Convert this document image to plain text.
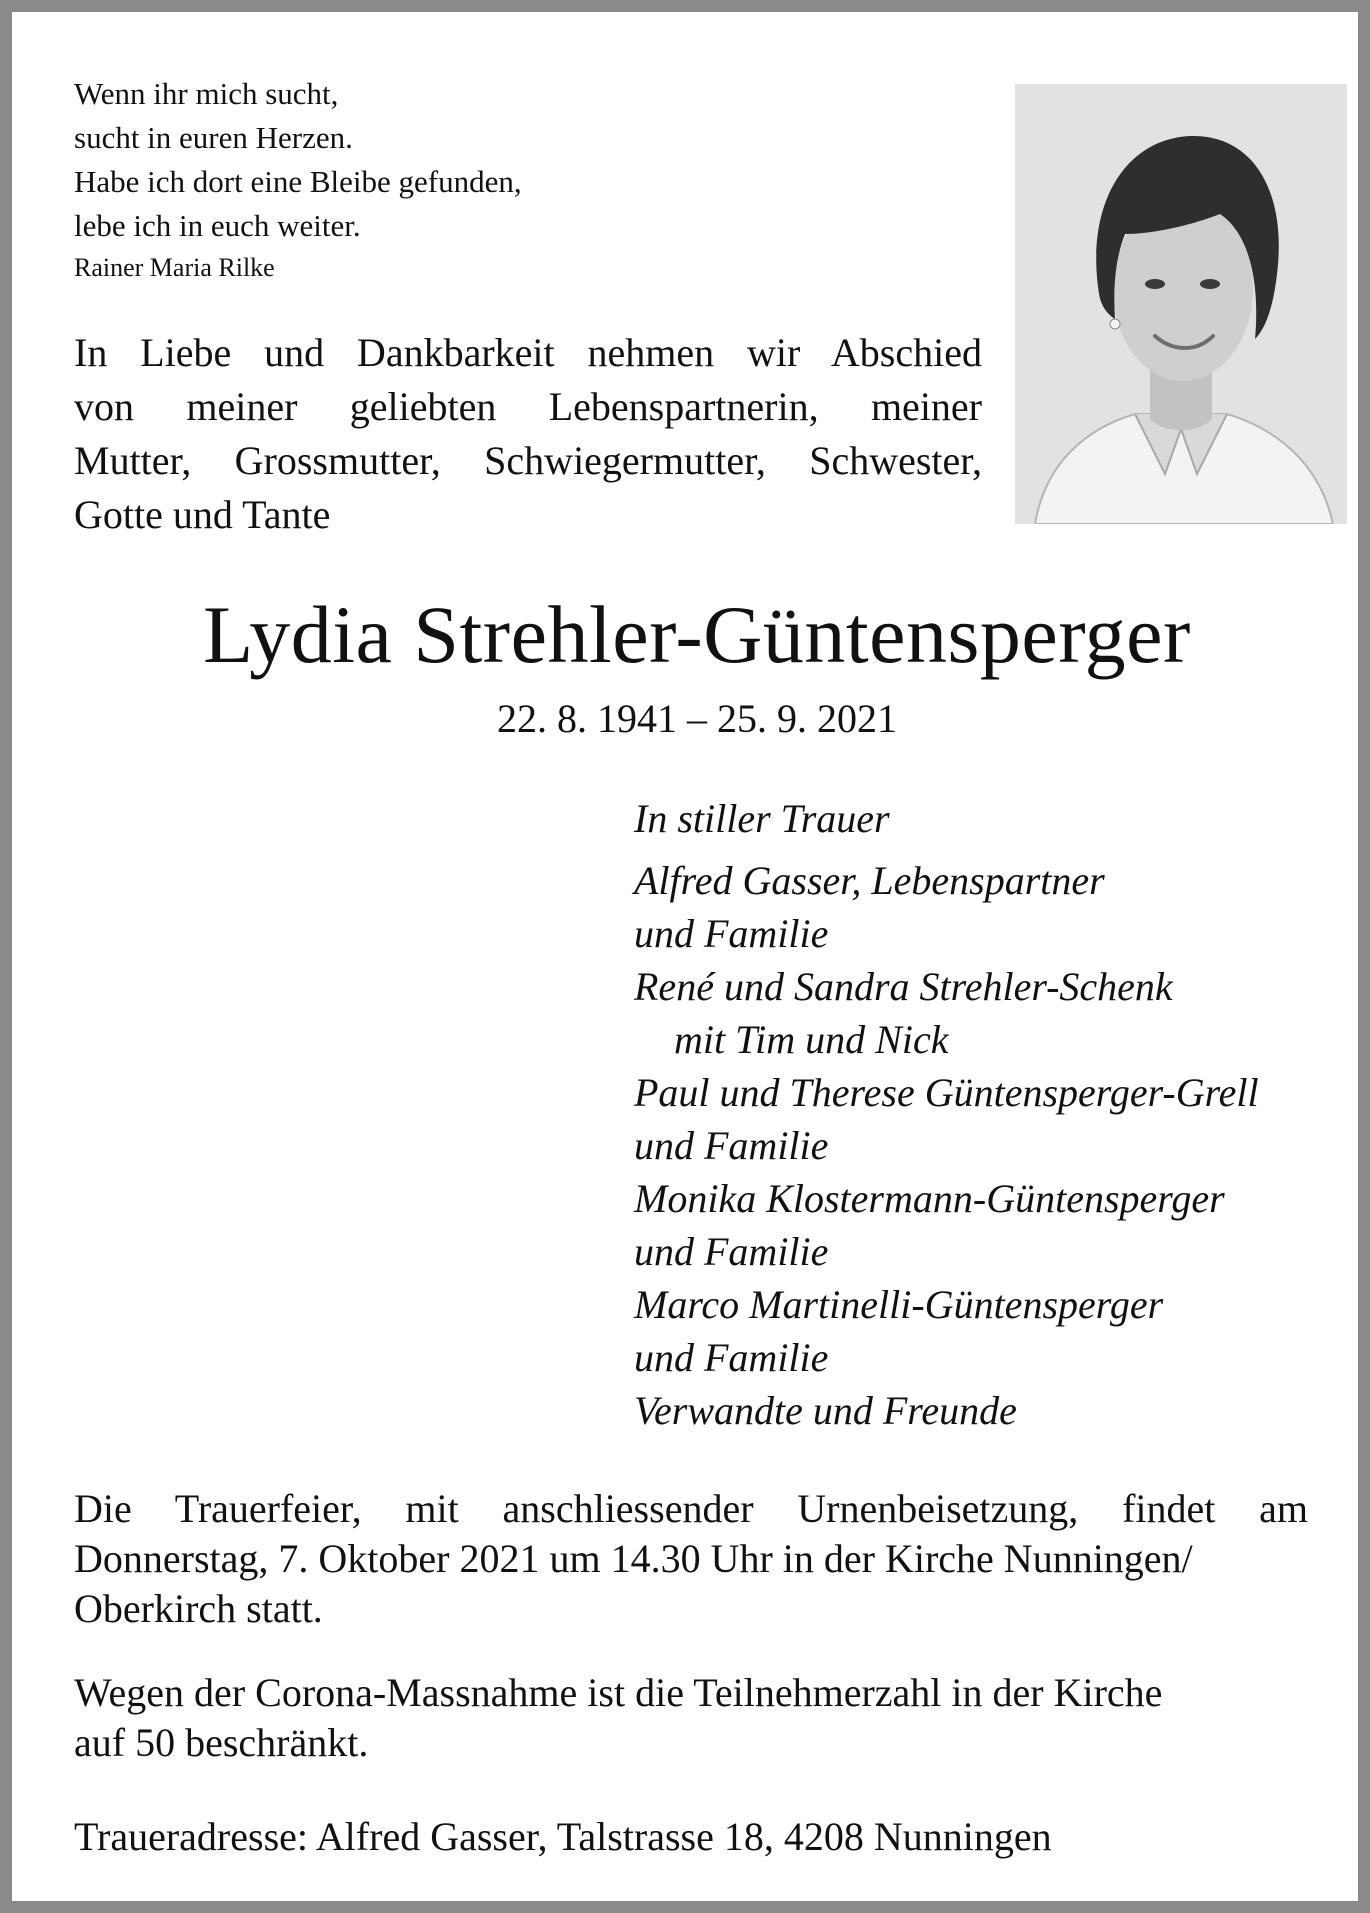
Wenn ihr mich sucht,
sucht in euren Herzen.
Habe ich dort eine Bleibe gefunden,
lebe ich in euch weiter.
Rainer Maria Rilke
In Liebe und Dankbarkeit nehmen wir Abschied
von meiner geliebten Lebenspartnerin, meiner
Mutter, Grossmutter, Schwiegermutter, Schwester,
Gotte und Tante
Lydia Strehler-Güntensperger
22. 8. 1941 – 25. 9. 2021
In stiller Trauer
Alfred Gasser, Lebenspartner
und Familie
René und Sandra Strehler-Schenk
mit Tim und Nick
Paul und Therese Güntensperger-Grell
und Familie
Monika Klostermann-Güntensperger
und Familie
Marco Martinelli-Güntensperger
und Familie
Verwandte und Freunde
Die Trauerfeier, mit anschliessender Urnenbeisetzung, findet am
Donnerstag, 7. Oktober 2021 um 14.30 Uhr in der Kirche Nunningen/
Oberkirch statt.
Wegen der Corona-Massnahme ist die Teilnehmerzahl in der Kirche
auf 50 beschränkt.
Traueradresse: Alfred Gasser, Talstrasse 18, 4208 Nunningen
